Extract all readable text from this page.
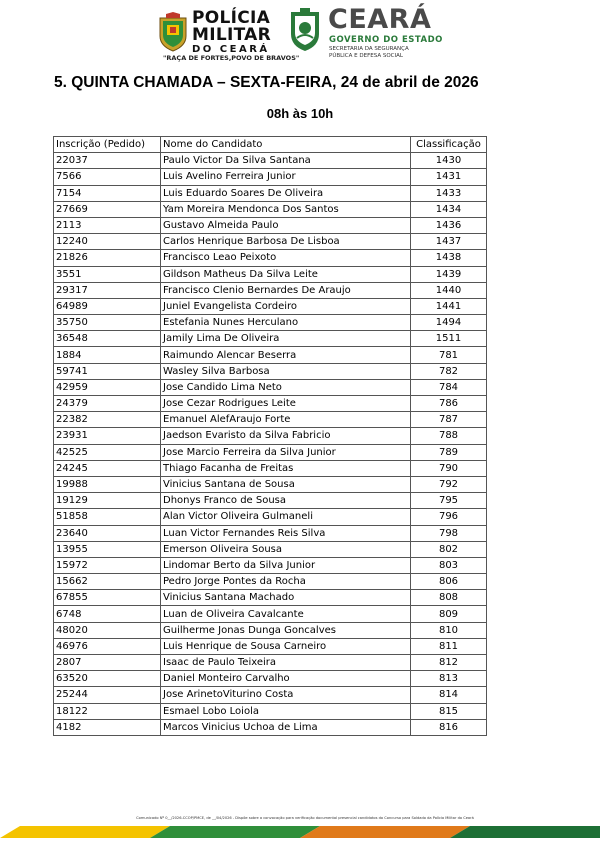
POLÍCIA
MILITAR
DO CEARÁ
"RAÇA DE FORTES,POVO DE BRAVOS"
CEARÁ
GOVERNO DO ESTADO
SECRETARIA DA SEGURANÇA
PÚBLICA E DEFESA SOCIAL
5. QUINTA CHAMADA – SEXTA-FEIRA, 24 de abril de 2026
08h às 10h
Inscrição (Pedido)	Nome do Candidato	Classificação
22037	Paulo Victor Da Silva Santana	1430
7566	Luis Avelino Ferreira Junior	1431
7154	Luis Eduardo Soares De Oliveira	1433
27669	Yam Moreira Mendonca Dos Santos	1434
2113	Gustavo Almeida Paulo	1436
12240	Carlos Henrique Barbosa De Lisboa	1437
21826	Francisco Leao Peixoto	1438
3551	Gildson Matheus Da Silva Leite	1439
29317	Francisco Clenio Bernardes De Araujo	1440
64989	Juniel Evangelista Cordeiro	1441
35750	Estefania Nunes Herculano	1494
36548	Jamily Lima De Oliveira	1511
1884	Raimundo Alencar Beserra	781
59741	Wasley Silva Barbosa	782
42959	Jose Candido Lima Neto	784
24379	Jose Cezar Rodrigues Leite	786
22382	Emanuel AlefAraujo Forte	787
23931	Jaedson Evaristo da Silva Fabricio	788
42525	Jose Marcio Ferreira da Silva Junior	789
24245	Thiago Facanha de Freitas	790
19988	Vinicius Santana de Sousa	792
19129	Dhonys Franco de Sousa	795
51858	Alan Victor Oliveira Gulmaneli	796
23640	Luan Victor Fernandes Reis Silva	798
13955	Emerson Oliveira Sousa	802
15972	Lindomar Berto da Silva Junior	803
15662	Pedro Jorge Pontes da Rocha	806
67855	Vinicius Santana Machado	808
6748	Luan de Oliveira Cavalcante	809
48020	Guilherme Jonas Dunga Goncalves	810
46976	Luis Henrique de Sousa Carneiro	811
2807	Isaac de Paulo Teixeira	812
63520	Daniel Monteiro Carvalho	813
25244	Jose ArinetoViturino Costa	814
18122	Esmael Lobo Loiola	815
4182	Marcos Vinicius Uchoa de Lima	816
Comunicado Nº 0__/2026-CCOP/PMCE, de __/04/2026 - Dispõe sobre a convocação para verificação documental presencial candidatos do Concurso para Soldado da Polícia Militar do Ceará
